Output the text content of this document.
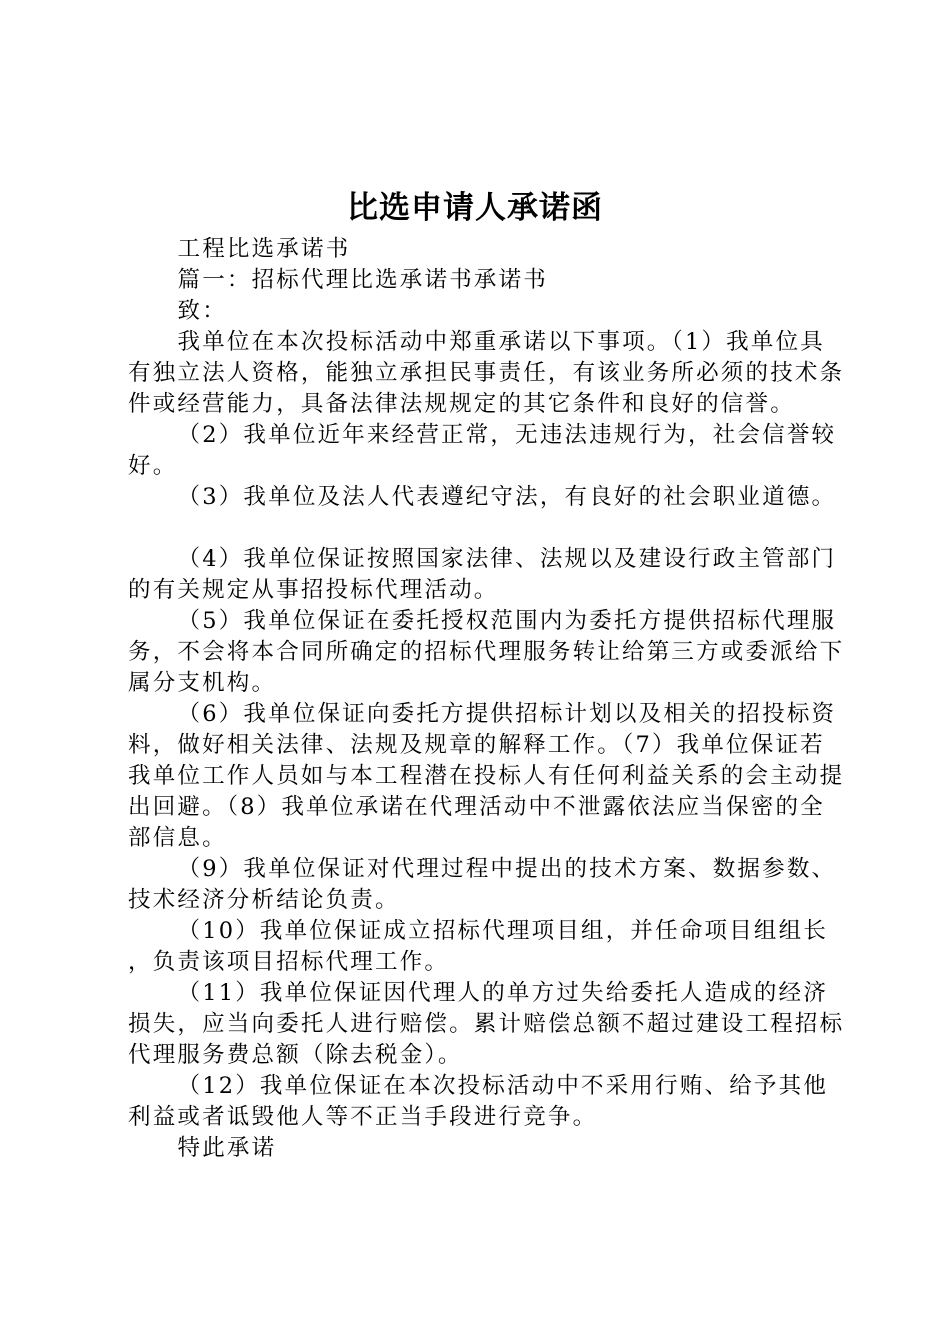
比选申请人承诺函

工程比选承诺书

篇一：招标代理比选承诺书承诺书

致：

我单位在本次投标活动中郑重承诺以下事项。（1）我单位具有独立法人资格，能独立承担民事责任，有该业务所必须的技术条件或经营能力，具备法律法规规定的其它条件和良好的信誉。

（2）我单位近年来经营正常，无违法违规行为，社会信誉较好。

（3）我单位及法人代表遵纪守法，有良好的社会职业道德。

（4）我单位保证按照国家法律、法规以及建设行政主管部门的有关规定从事招投标代理活动。

（5）我单位保证在委托授权范围内为委托方提供招标代理服务，不会将本合同所确定的招标代理服务转让给第三方或委派给下属分支机构。

（6）我单位保证向委托方提供招标计划以及相关的招投标资料，做好相关法律、法规及规章的解释工作。（7）我单位保证若我单位工作人员如与本工程潜在投标人有任何利益关系的会主动提出回避。（8）我单位承诺在代理活动中不泄露依法应当保密的全部信息。

（9）我单位保证对代理过程中提出的技术方案、数据参数、技术经济分析结论负责。

（10）我单位保证成立招标代理项目组，并任命项目组组长，负责该项目招标代理工作。

（11）我单位保证因代理人的单方过失给委托人造成的经济损失，应当向委托人进行赔偿。累计赔偿总额不超过建设工程招标代理服务费总额（除去税金）。

（12）我单位保证在本次投标活动中不采用行贿、给予其他利益或者诋毁他人等不正当手段进行竞争。

特此承诺
